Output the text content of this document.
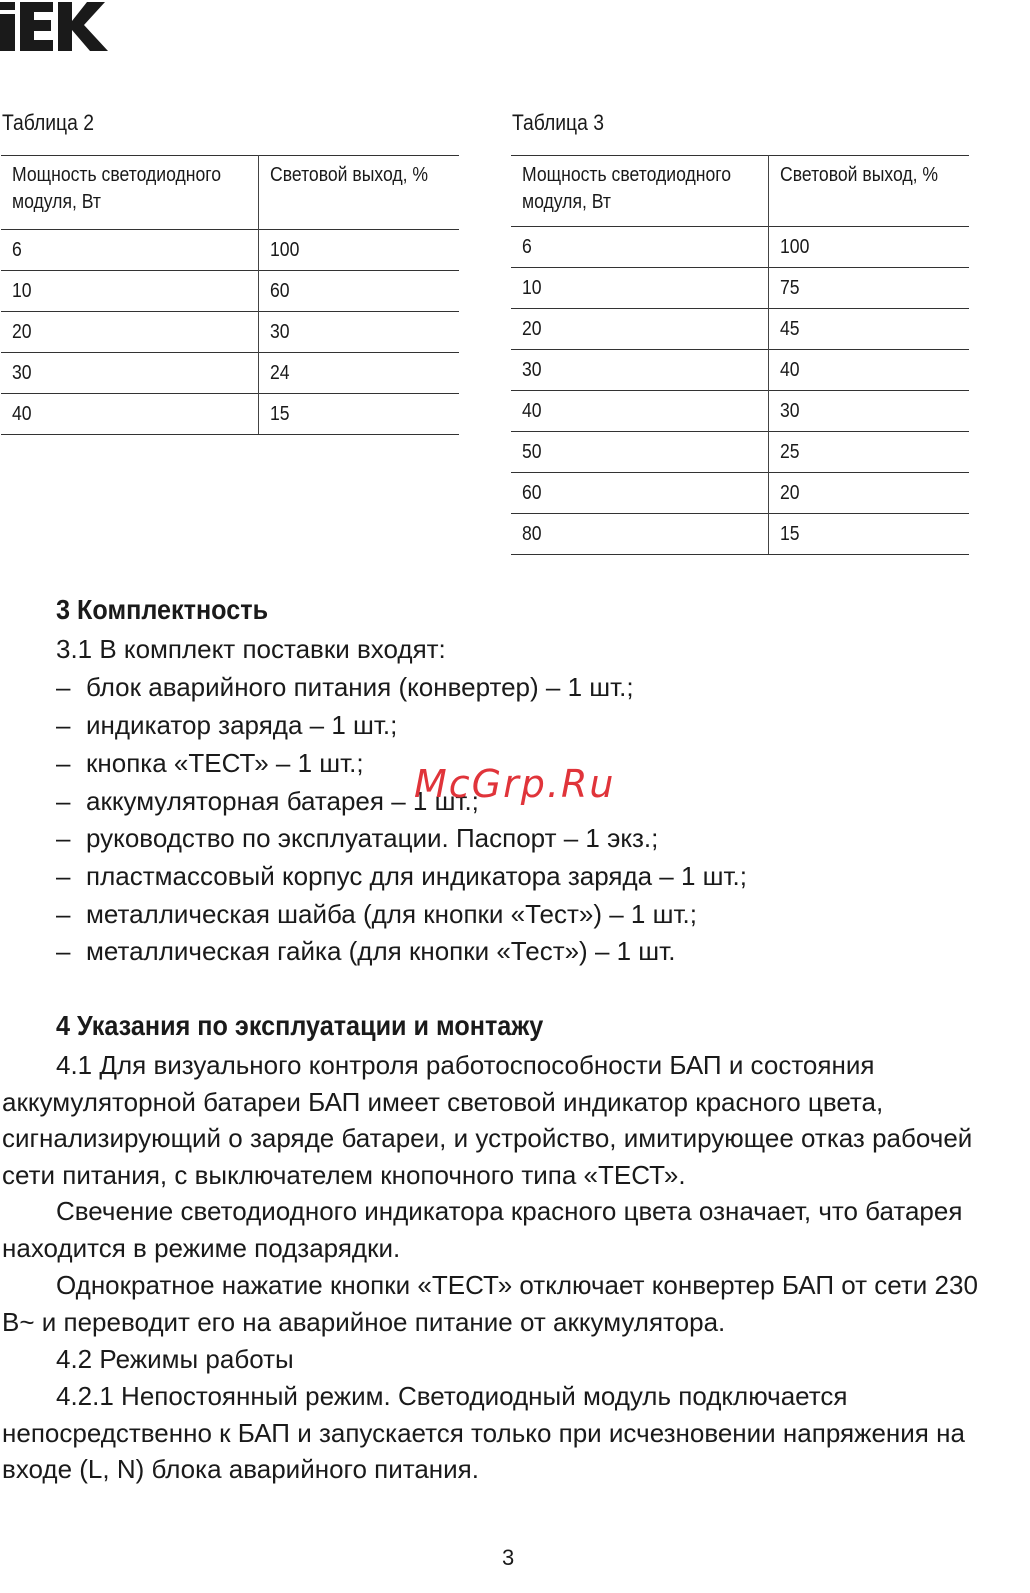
Таблица 2
Мощность светодиодного
модуля, Вт	Световой выход, %
6	100
10	60
20	30
30	24
40	15
Таблица 3
Мощность светодиодного
модуля, Вт	Световой выход, %
6	100
10	75
20	45
30	40
40	30
50	25
60	20
80	15
3 Комплектность
3.1 В комплект поставки входят:
– блок аварийного питания (конвертер) – 1 шт.;
– индикатор заряда – 1 шт.;
– кнопка «ТЕСТ» – 1 шт.;
– аккумуляторная батарея – 1 шт.;
– руководство по эксплуатации. Паспорт – 1 экз.;
– пластмассовый корпус для индикатора заряда – 1 шт.;
– металлическая шайба (для кнопки «Тест») – 1 шт.;
– металлическая гайка (для кнопки «Тест») – 1 шт.
McGrp.Ru
4 Указания по эксплуатации и монтажу

4.1 Для визуального контроля работоспособности БАП и состояния аккумуляторной батареи БАП имеет световой индикатор красного цвета, сигнализирующий о заряде батареи, и устройство, имитирующее отказ рабочей сети питания, с выключателем кнопочного типа «ТЕСТ».

Свечение светодиодного индикатора красного цвета означает, что батарея находится в режиме подзарядки.

Однократное нажатие кнопки «ТЕСТ» отключает конвертер БАП от сети 230 В~ и переводит его на аварийное питание от аккумулятора.

4.2 Режимы работы

4.2.1 Непостоянный режим. Светодиодный модуль подключается непосредственно к БАП и запускается только при исчезновении напряжения на входе (L, N) блока аварийного питания.

3
